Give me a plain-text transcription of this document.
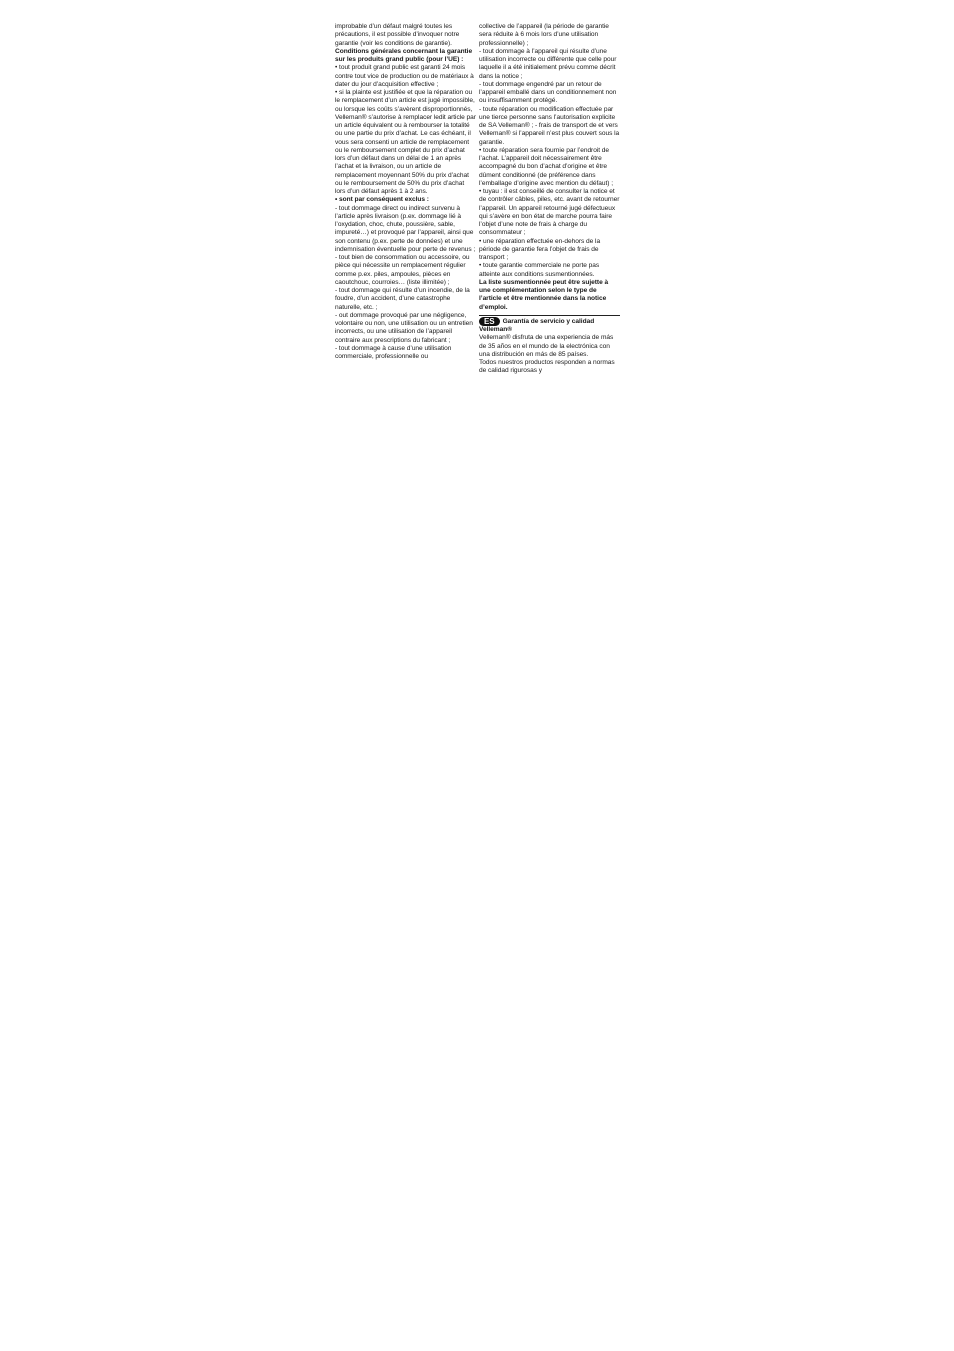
improbable d’un défaut malgré toutes les précautions, il est possible d’invoquer notre garantie (voir les conditions de garantie).

Conditions générales concernant la garantie sur les produits grand public (pour l’UE) :

• tout produit grand public est garanti 24 mois contre tout vice de production ou de matériaux à dater du jour d’acquisition effective ;

• si la plainte est justifiée et que la réparation ou le remplacement d’un article est jugé impossible, ou lorsque les coûts s’avèrent disproportionnés, Velleman® s’autorise à remplacer ledit article par un article équivalent ou à rembourser la totalité ou une partie du prix d’achat. Le cas échéant, il vous sera consenti un article de remplacement ou le remboursement complet du prix d’achat lors d’un défaut dans un délai de 1 an après l’achat et la livraison, ou un article de remplacement moyennant 50% du prix d’achat ou le remboursement de 50% du prix d’achat lors d’un défaut après 1 à 2 ans.

• sont par conséquent exclus :

- tout dommage direct ou indirect survenu à l’article après livraison (p.ex. dommage lié à l’oxydation, choc, chute, poussière, sable, impureté…) et provoqué par l’appareil, ainsi que son contenu (p.ex. perte de données) et une indemnisation éventuelle pour perte de revenus ;

- tout bien de consommation ou accessoire, ou pièce qui nécessite un remplacement régulier comme p.ex. piles, ampoules, pièces en caoutchouc, courroies… (liste illimitée) ;

- tout dommage qui résulte d’un incendie, de la foudre, d’un accident, d’une catastrophe naturelle, etc. ;

- out dommage provoqué par une négligence, volontaire ou non, une utilisation ou un entretien incorrects, ou une utilisation de l’appareil contraire aux prescriptions du fabricant ;

- tout dommage à cause d’une utilisation commerciale, professionnelle ou

collective de l’appareil (la période de garantie sera réduite à 6 mois lors d’une utilisation professionnelle) ;

- tout dommage à l’appareil qui résulte d’une utilisation incorrecte ou différente que celle pour laquelle il a été initialement prévu comme décrit dans la notice ;

- tout dommage engendré par un retour de l’appareil emballé dans un conditionnement non ou insuffisamment protégé.

- toute réparation ou modification effectuée par une tierce personne sans l’autorisation explicite de SA Velleman® ; - frais de transport de et vers Velleman® si l’appareil n’est plus couvert sous la garantie.

• toute réparation sera fournie par l’endroit de l’achat. L’appareil doit nécessairement être accompagné du bon d’achat d’origine et être dûment conditionné (de préférence dans l’emballage d’origine avec mention du défaut) ;

• tuyau : il est conseillé de consulter la notice et de contrôler câbles, piles, etc. avant de retourner l’appareil. Un appareil retourné jugé défectueux qui s’avère en bon état de marche pourra faire l’objet d’une note de frais à charge du consommateur ;

• une réparation effectuée en-dehors de la période de garantie fera l’objet de frais de transport ;

• toute garantie commerciale ne porte pas atteinte aux conditions susmentionnées.

La liste susmentionnée peut être sujette à une complémentation selon le type de l’article et être mentionnée dans la notice d’emploi.

ES Garantía de servicio y calidad Velleman®

Velleman® disfruta de una experiencia de más de 35 años en el mundo de la electrónica con una distribución en más de 85 países.

Todos nuestros productos responden a normas de calidad rigurosas y
